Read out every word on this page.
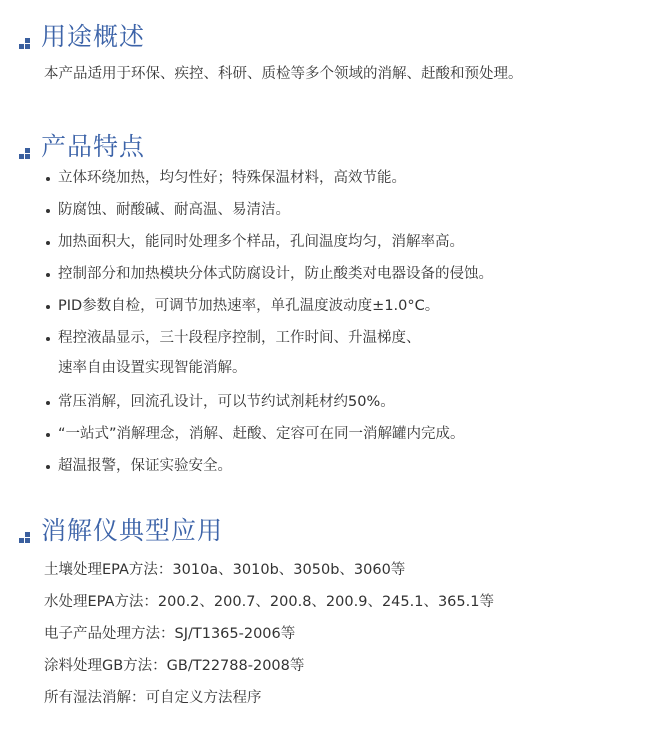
用途概述
本产品适用于环保、疾控、科研、质检等多个领域的消解、赶酸和预处理。
产品特点
立体环绕加热，均匀性好；特殊保温材料，高效节能。
防腐蚀、耐酸碱、耐高温、易清洁。
加热面积大，能同时处理多个样品，孔间温度均匀，消解率高。
控制部分和加热模块分体式防腐设计，防止酸类对电器设备的侵蚀。
PID参数自检，可调节加热速率，单孔温度波动度±1.0°C。
程控液晶显示，三十段程序控制，工作时间、升温梯度、
速率自由设置实现智能消解。
常压消解，回流孔设计，可以节约试剂耗材约50%。
“一站式”消解理念，消解、赶酸、定容可在同一消解罐内完成。
超温报警，保证实验安全。
消解仪典型应用
土壤处理EPA方法：3010a、3010b、3050b、3060等
水处理EPA方法：200.2、200.7、200.8、200.9、245.1、365.1等
电子产品处理方法：SJ/T1365-2006等
涂料处理GB方法：GB/T22788-2008等
所有湿法消解：可自定义方法程序
